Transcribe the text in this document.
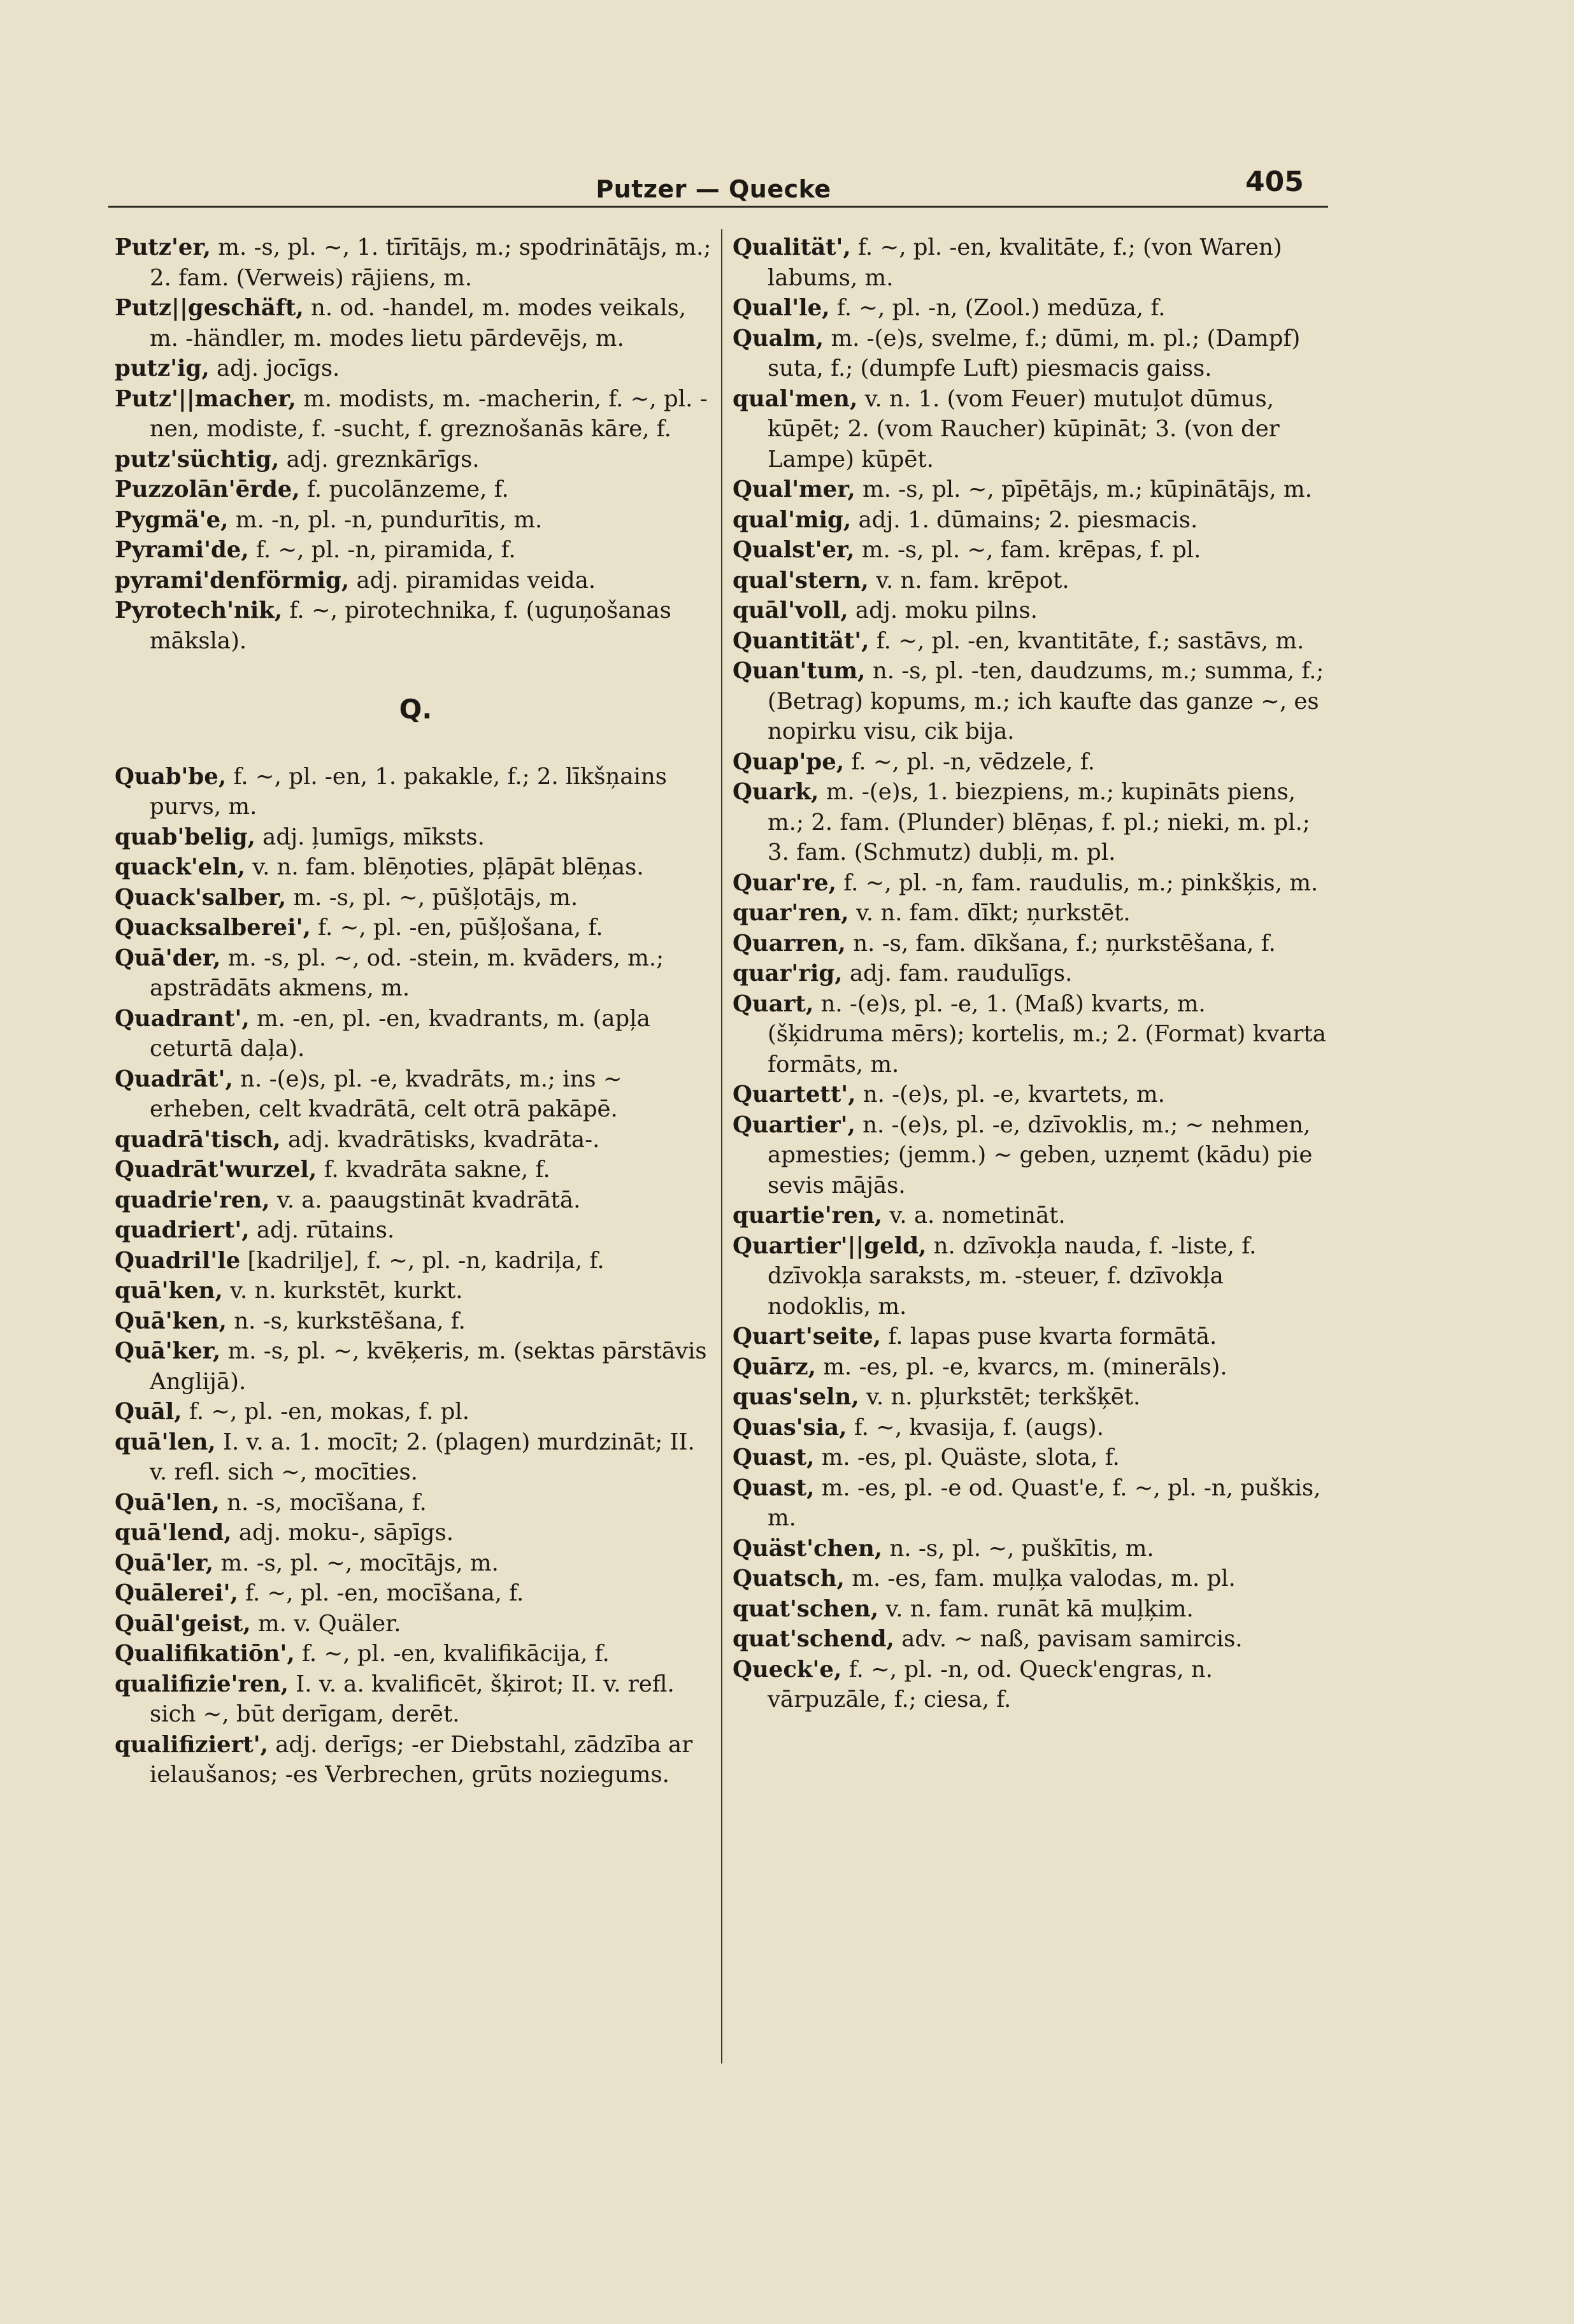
Putzer — Quecke	405

Putz'er, m. -s, pl. ~, 1. tīrītājs, m.; spodrinātājs, m.; 2. fam. (Verweis) rājiens, m.

Putz||geschäft, n. od. -handel, m. modes veikals, m. -händler, m. modes lietu pārdevējs, m.

putz'ig, adj. jocīgs.

Putz'||macher, m. modists, m. -macherin, f. ~, pl. -nen, modiste, f. -sucht, f. greznošanās kāre, f.

putz'süchtig, adj. greznkārīgs.

Puzzolān'ērde, f. pucolānzeme, f.

Pygmä'e, m. -n, pl. -n, pundurītis, m.

Pyrami'de, f. ~, pl. -n, piramida, f.

pyrami'denförmig, adj. piramidas veida.

Pyrotech'nik, f. ~, pirotechnika, f. (uguņošanas māksla).

Q.

Quab'be, f. ~, pl. -en, 1. pakakle, f.; 2. līkšņains purvs, m.

quab'belig, adj. ļumīgs, mīksts.

quack'eln, v. n. fam. blēņoties, pļāpāt blēņas.

Quack'salber, m. -s, pl. ~, pūšļotājs, m.

Quacksalberei', f. ~, pl. -en, pūšļošana, f.

Quā'der, m. -s, pl. ~, od. -stein, m. kvāders, m.; apstrādāts akmens, m.

Quadrant', m. -en, pl. -en, kvadrants, m. (apļa ceturtā daļa).

Quadrāt', n. -(e)s, pl. -e, kvadrāts, m.; ins ~ erheben, celt kvadrātā, celt otrā pakāpē.

quadrā'tisch, adj. kvadrātisks, kvadrāta-.

Quadrāt'wurzel, f. kvadrāta sakne, f.

quadrie'ren, v. a. paaugstināt kvadrātā.

quadriert', adj. rūtains.

Quadril'le [kadrilje], f. ~, pl. -n, kadriļa, f.

quā'ken, v. n. kurkstēt, kurkt.

Quā'ken, n. -s, kurkstēšana, f.

Quā'ker, m. -s, pl. ~, kvēķeris, m. (sektas pārstāvis Anglijā).

Quāl, f. ~, pl. -en, mokas, f. pl.

quā'len, I. v. a. 1. mocīt; 2. (plagen) murdzināt; II. v. refl. sich ~, mocīties.

Quā'len, n. -s, mocīšana, f.

quā'lend, adj. moku-, sāpīgs.

Quā'ler, m. -s, pl. ~, mocītājs, m.

Quālerei', f. ~, pl. -en, mocīšana, f.

Quāl'geist, m. v. Quäler.

Qualifikatiōn', f. ~, pl. -en, kvalifikācija, f.

qualifizie'ren, I. v. a. kvalificēt, šķirot; II. v. refl. sich ~, būt derīgam, derēt.

qualifiziert', adj. derīgs; -er Diebstahl, zādzība ar ielaušanos; -es Verbrechen, grūts noziegums.

Qualität', f. ~, pl. -en, kvalitāte, f.; (von Waren) labums, m.

Qual'le, f. ~, pl. -n, (Zool.) medūza, f.

Qualm, m. -(e)s, svelme, f.; dūmi, m. pl.; (Dampf) suta, f.; (dumpfe Luft) piesmacis gaiss.

qual'men, v. n. 1. (vom Feuer) mutuļot dūmus, kūpēt; 2. (vom Raucher) kūpināt; 3. (von der Lampe) kūpēt.

Qual'mer, m. -s, pl. ~, pīpētājs, m.; kūpinātājs, m.

qual'mig, adj. 1. dūmains; 2. piesmacis.

Qualst'er, m. -s, pl. ~, fam. krēpas, f. pl.

qual'stern, v. n. fam. krēpot.

quāl'voll, adj. moku pilns.

Quantität', f. ~, pl. -en, kvantitāte, f.; sastāvs, m.

Quan'tum, n. -s, pl. -ten, daudzums, m.; summa, f.; (Betrag) kopums, m.; ich kaufte das ganze ~, es nopirku visu, cik bija.

Quap'pe, f. ~, pl. -n, vēdzele, f.

Quark, m. -(e)s, 1. biezpiens, m.; kupināts piens, m.; 2. fam. (Plunder) blēņas, f. pl.; nieki, m. pl.; 3. fam. (Schmutz) dubļi, m. pl.

Quar're, f. ~, pl. -n, fam. raudulis, m.; pinkšķis, m.

quar'ren, v. n. fam. dīkt; ņurkstēt.

Quarren, n. -s, fam. dīkšana, f.; ņurkstēšana, f.

quar'rig, adj. fam. raudulīgs.

Quart, n. -(e)s, pl. -e, 1. (Maß) kvarts, m. (šķidruma mērs); kortelis, m.; 2. (Format) kvarta formāts, m.

Quartett', n. -(e)s, pl. -e, kvartets, m.

Quartier', n. -(e)s, pl. -e, dzīvoklis, m.; ~ nehmen, apmesties; (jemm.) ~ geben, uzņemt (kādu) pie sevis mājās.

quartie'ren, v. a. nometināt.

Quartier'||geld, n. dzīvokļa nauda, f. -liste, f. dzīvokļa saraksts, m. -steuer, f. dzīvokļa nodoklis, m.

Quart'seite, f. lapas puse kvarta formātā.

Quārz, m. -es, pl. -e, kvarcs, m. (minerāls).

quas'seln, v. n. pļurkstēt; terkšķēt.

Quas'sia, f. ~, kvasija, f. (augs).

Quast, m. -es, pl. Quäste, slota, f.

Quast, m. -es, pl. -e od. Quast'e, f. ~, pl. -n, puškis, m.

Quäst'chen, n. -s, pl. ~, puškītis, m.

Quatsch, m. -es, fam. muļķa valodas, m. pl.

quat'schen, v. n. fam. runāt kā muļķim.

quat'schend, adv. ~ naß, pavisam samircis.

Queck'e, f. ~, pl. -n, od. Queck'engras, n. vārpuzāle, f.; ciesa, f.
